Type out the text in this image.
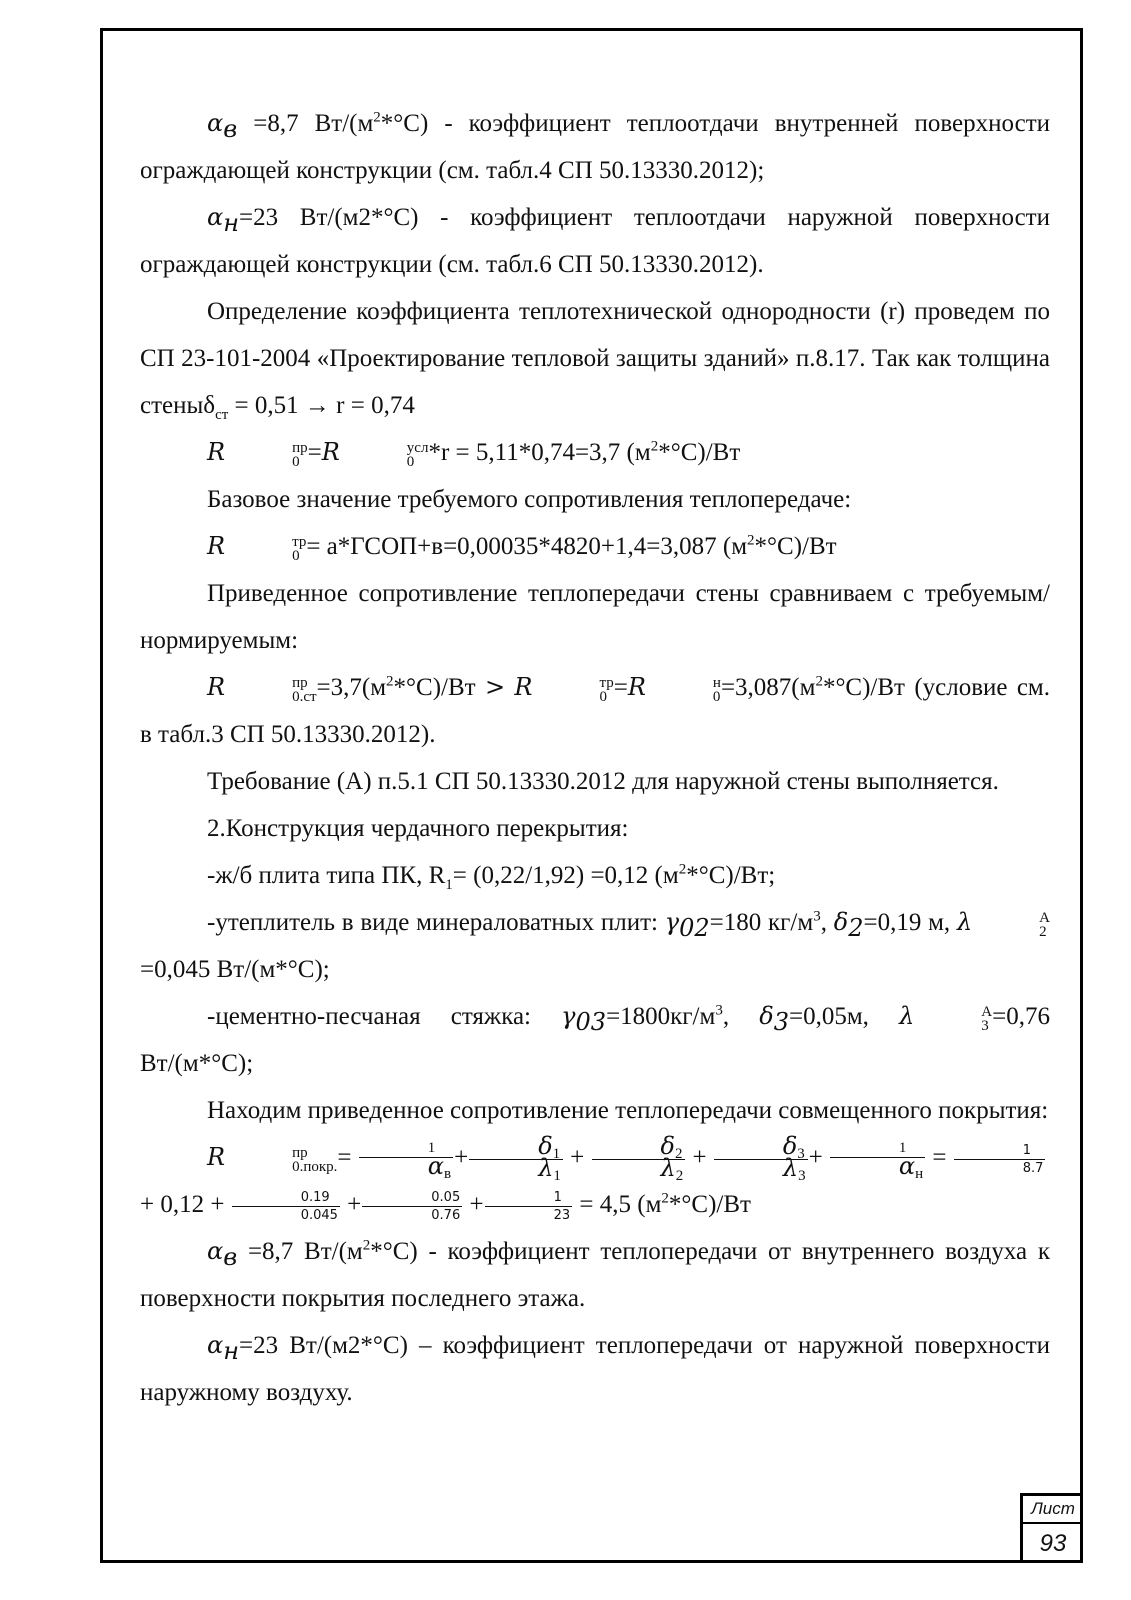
$\alpha_в =8,7$ $Вт/(м^2*^\circ С)$ - коэффициент теплоотдачи внутренней поверхности ограждающей конструкции (см. табл.4 СП 50.13330.2012);

$\alpha_н=23$ Вт/(м2*°С) - коэффициент теплоотдачи наружной поверхности ограждающей конструкции (см. табл.6 СП 50.13330.2012).

Определение коэффициента теплотехнической однородности (r) проведем по СП 23-101-2004 «Проектирование тепловой защиты зданий» п.8.17. Так как толщина стеныδ$_{ст}$ = 0,51 → r = 0,74

R	пр
0 =R	усл
0 *r = 5,11*0,74=3,7 $(м^2*^\circ С)/Вт$

Базовое значение требуемого сопротивления теплопередаче:

R	тр
0 = а*ГСОП+в=0,00035*4820+1,4=3,087 $(м^2*^\circ С)/Вт$

Приведенное сопротивление теплопередачи стены сравниваем с требуемым/нормируемым:

R	пр
$0.ст =3,7(м^2*^\circ С)/Вт > R$	тр
0 =R	н
$0 =3,087(м^2*^\circ С)/Вт$ (условие см. в табл.3 СП 50.13330.2012).

Требование (А) п.5.1 СП 50.13330.2012 для наружной стены выполняется.

2.Конструкция чердачного перекрытия:

-ж/б плита типа ПК, $R_1= (0,22/1,92) =0,12$ $(м^2*^\circ С)/Вт$;

-утеплитель в виде минераловатных плит: $\gamma_{02}=180$ $кг/м^3$, $\delta_2=0,19$ м, λ	А
2
=0,045 Вт/(м*°С);

-цементно-песчаная стяжка: $\gamma_{03}=1800кг/м^3$, $\delta_3=0,05м$, λ	А
3 =0,76 Вт/(м*°С);

Находим приведенное сопротивление теплопередачи совмещенного покрытия:

R	пр
0.покр. = $\frac{1}{\alpha_в} + \frac{\delta_1}{\lambda_1} + \frac{\delta_2}{\lambda_2} + \frac{\delta_3}{\lambda_3} + \frac{1}{\alpha_н} = \frac{1}{8.7}$
+ $0,12 + \frac{0.19}{0.045} + \frac{0.05}{0.76} + \frac{1}{23} = 4,5$ $(м^2*^\circ С)/Вт$

$\alpha_в =8,7$ $Вт/(м^2*^\circ С)$ - коэффициент теплопередачи от внутреннего воздуха к поверхности покрытия последнего этажа.

$\alpha_н=23$ Вт/(м2*°С) – коэффициент теплопередачи от наружной поверхности наружному воздуху.

Лист
93
